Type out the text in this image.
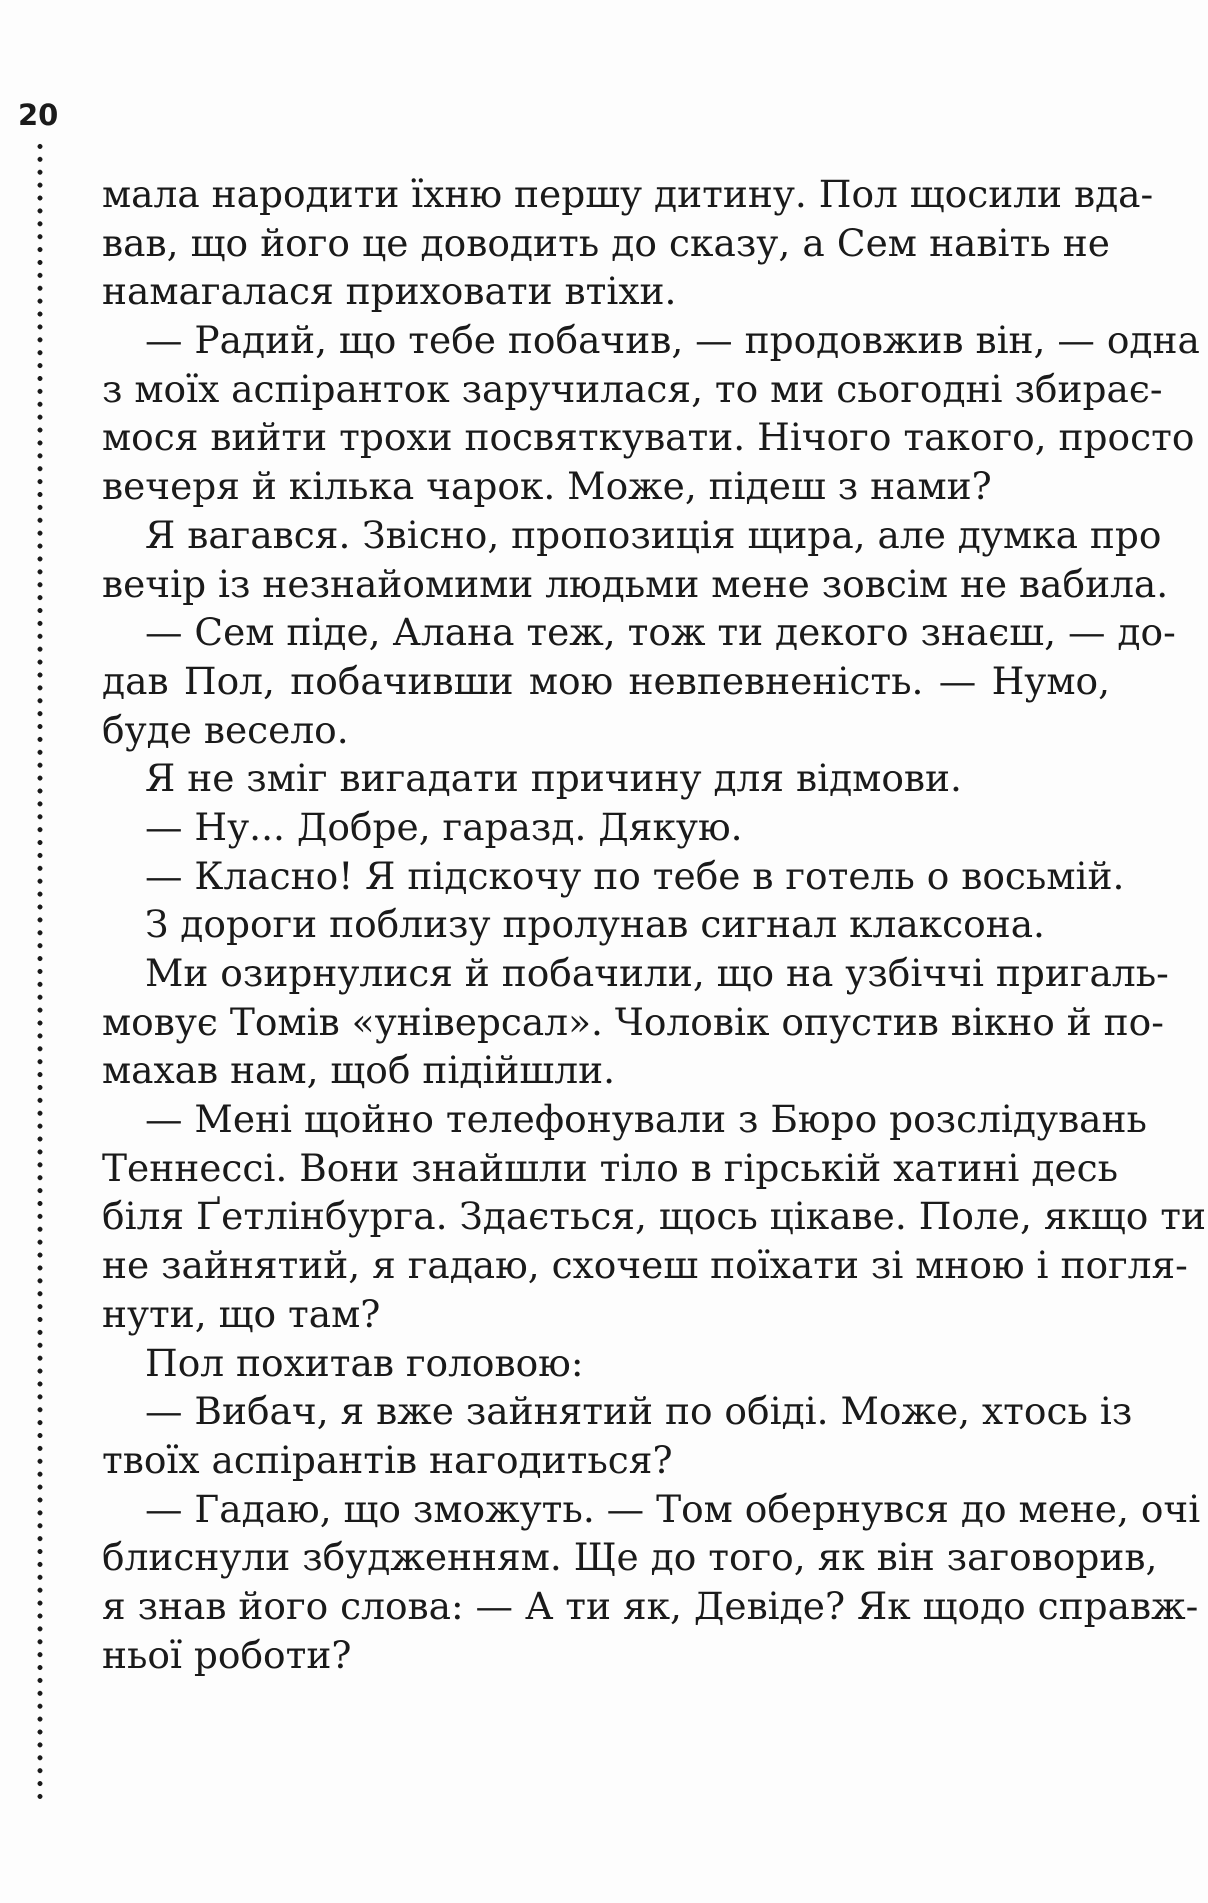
20
мала народити їхню першу дитину. Пол щосили вда-
вав, що його це доводить до сказу, а Сем навіть не
намагалася приховати втіхи.
— Радий, що тебе побачив, — продовжив він, — одна
з моїх аспіранток заручилася, то ми сьогодні збирає-
мося вийти трохи посвяткувати. Нічого такого, просто
вечеря й кілька чарок. Може, підеш з нами?
Я вагався. Звісно, пропозиція щира, але думка про
вечір із незнайомими людьми мене зовсім не вабила.
— Сем піде, Алана теж, тож ти декого знаєш, — до-
дав Пол, побачивши мою невпевненість. — Нумо,
буде весело.
Я не зміг вигадати причину для відмови.
— Ну... Добре, гаразд. Дякую.
— Класно! Я підскочу по тебе в готель о восьмій.
З дороги поблизу пролунав сигнал клаксона.
Ми озирнулися й побачили, що на узбіччі пригаль-
мовує Томів «універсал». Чоловік опустив вікно й по-
махав нам, щоб підійшли.
— Мені щойно телефонували з Бюро розслідувань
Теннессі. Вони знайшли тіло в гірській хатині десь
біля Ґетлінбурга. Здається, щось цікаве. Поле, якщо ти
не зайнятий, я гадаю, схочеш поїхати зі мною і погля-
нути, що там?
Пол похитав головою:
— Вибач, я вже зайнятий по обіді. Може, хтось із
твоїх аспірантів нагодиться?
— Гадаю, що зможуть. — Том обернувся до мене, очі
блиснули збудженням. Ще до того, як він заговорив,
я знав його слова: — А ти як, Девіде? Як щодо справж-
ньої роботи?
